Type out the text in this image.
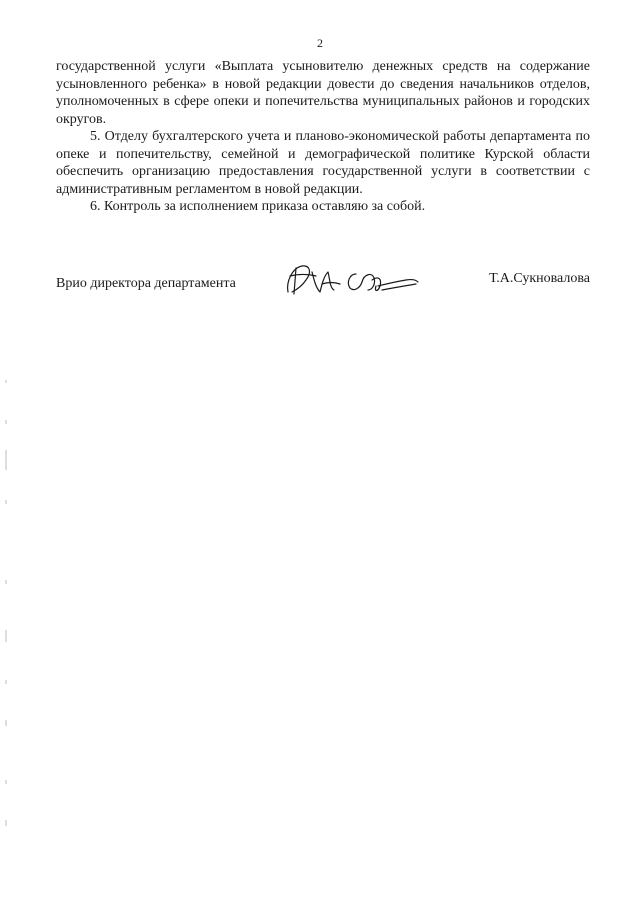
2

государственной услуги «Выплата усыновителю денежных средств на содержание усыновленного ребенка» в новой редакции довести до сведения начальников отделов, уполномоченных в сфере опеки и попечительства муниципальных районов и городских округов.

5. Отделу бухгалтерского учета и планово-экономической работы департамента по опеке и попечительству, семейной и демографической политике Курской области обеспечить организацию предоставления государственной услуги в соответствии с административным регламентом в новой редакции.

6. Контроль за исполнением приказа оставляю за собой.

Врио директора департамента	Т.А.Сукновалова
